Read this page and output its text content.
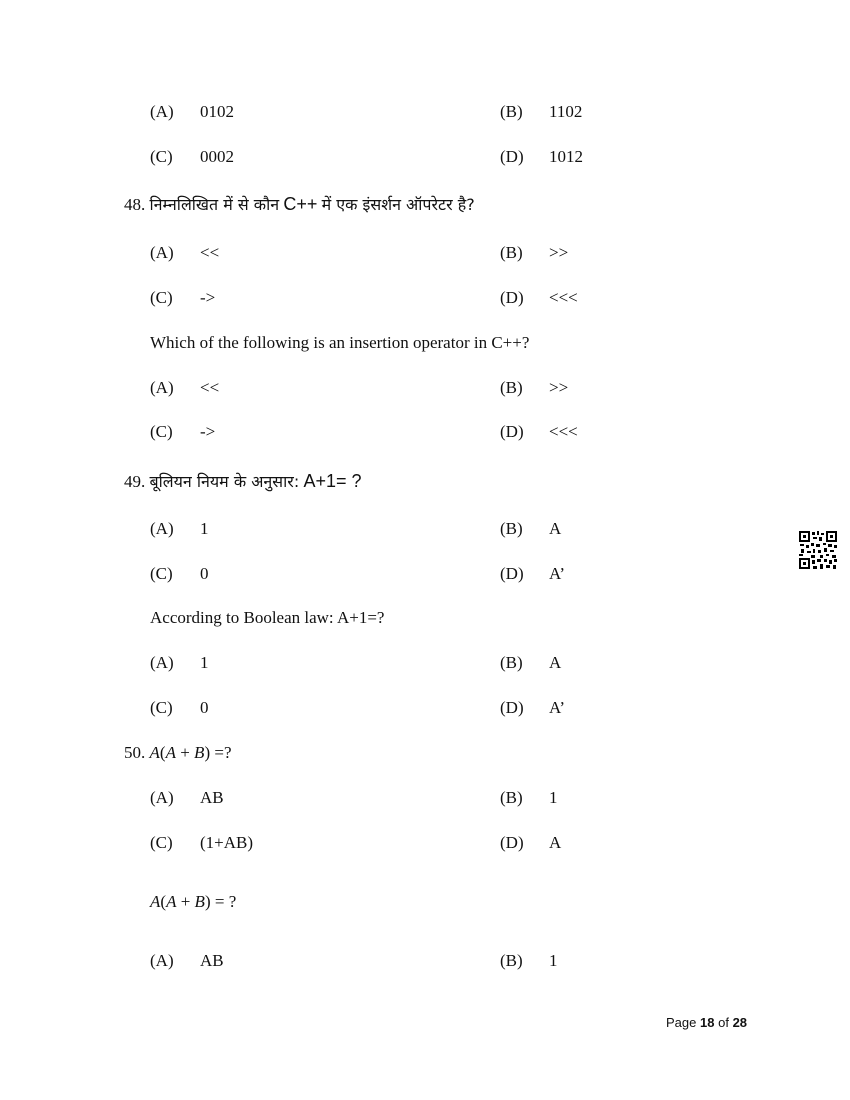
(A) 0102	(B) 1102
(C) 0002	(D) 1012
48. निम्नलिखित में से कौन C++ में एक इंसर्शन ऑपरेटर है?
(A) <<	(B) >>
(C) ->	(D) <<<
Which of the following is an insertion operator in C++?
(A) <<	(B) >>
(C) ->	(D) <<<
49. बूलियन नियम के अनुसार: A+1= ?
(A) 1	(B) A
(C) 0	(D) A’
According to Boolean law: A+1=?
(A) 1	(B) A
(C) 0	(D) A’
50. A(A + B) =?
(A) AB	(B) 1
(C) (1+AB)	(D) A
A(A + B) = ?
(A) AB	(B) 1
Page 18 of 28
